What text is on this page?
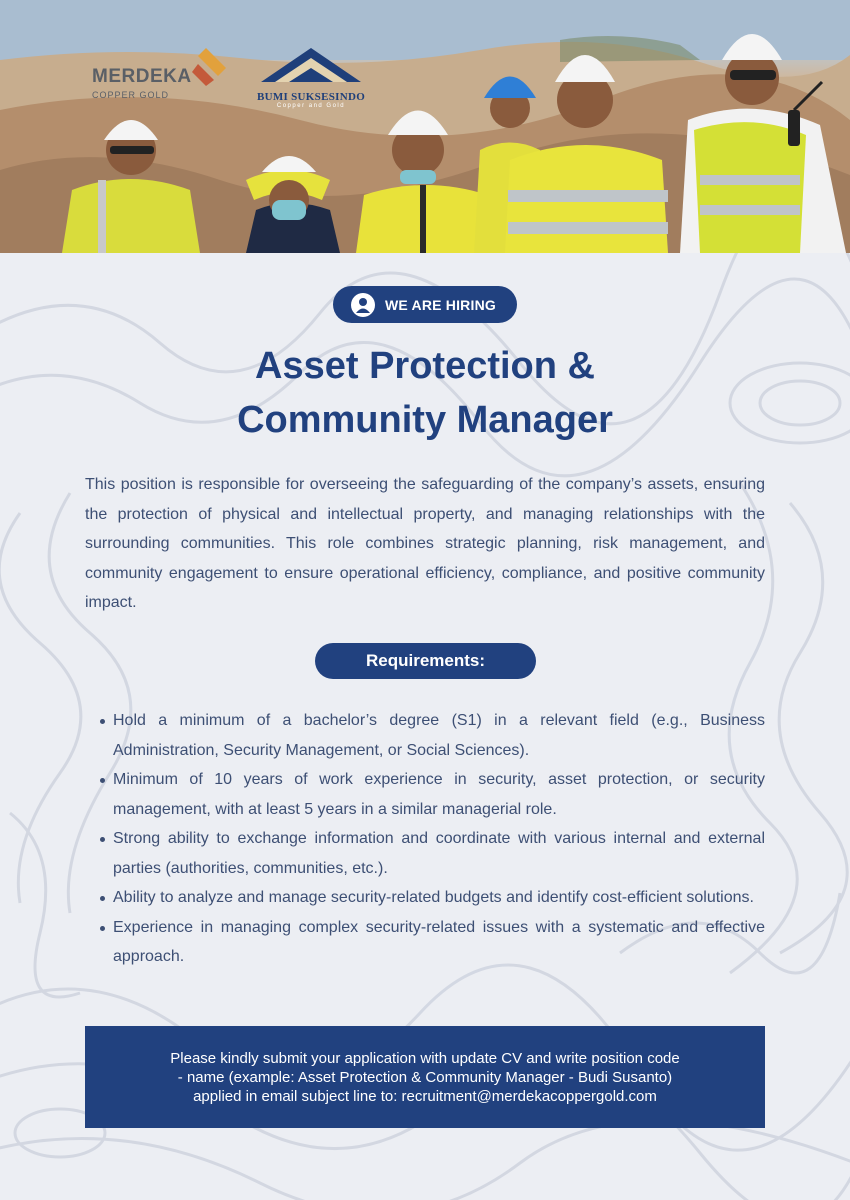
MERDEKA
COPPER GOLD	BUMI SUKSESINDO
Copper and Gold
WE ARE HIRING
Asset Protection &
Community Manager
This position is responsible for overseeing the safeguarding of the company’s assets, ensuring the protection of physical and intellectual property, and managing relationships with the surrounding communities. This role combines strategic planning, risk management, and community engagement to ensure operational efficiency, compliance, and positive community impact.
Requirements:
Hold a minimum of a bachelor’s degree (S1) in a relevant field (e.g., Business Administration, Security Management, or Social Sciences).
Minimum of 10 years of work experience in security, asset protection, or security management, with at least 5 years in a similar managerial role.
Strong ability to exchange information and coordinate with various internal and external parties (authorities, communities, etc.).
Ability to analyze and manage security-related budgets and identify cost-efficient solutions.
Experience in managing complex security-related issues with a systematic and effective approach.
Please kindly submit your application with update CV and write position code
- name (example: Asset Protection & Community Manager - Budi Susanto)
applied in email subject line to: recruitment@merdekacoppergold.com
